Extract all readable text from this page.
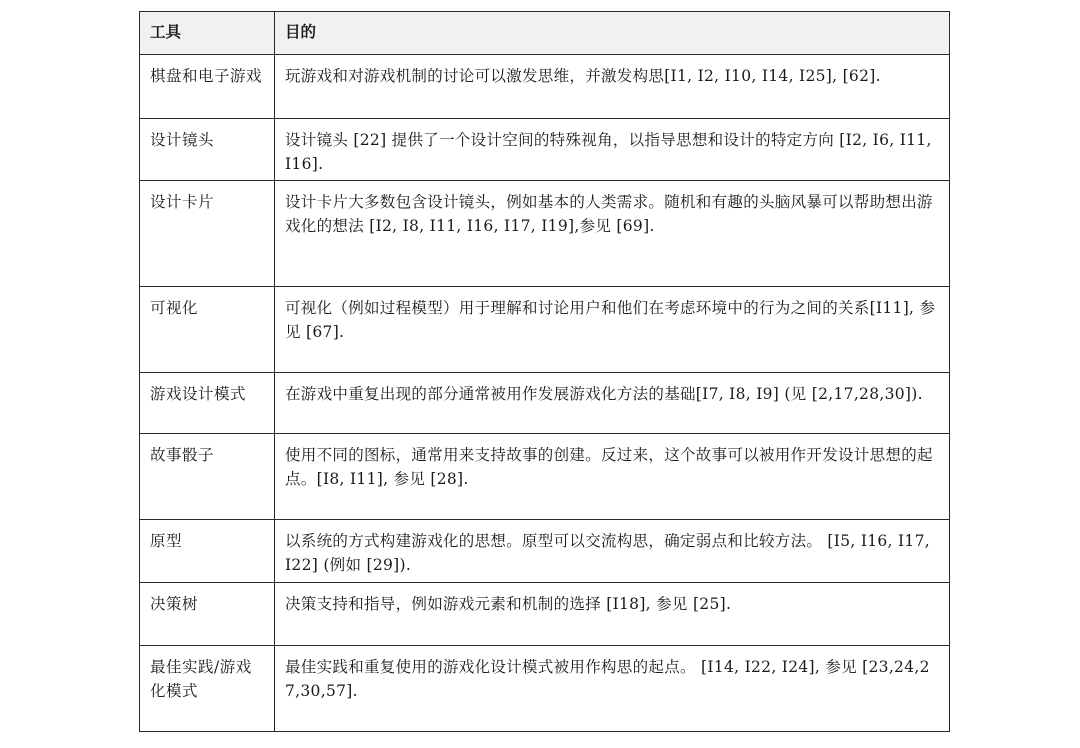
工具	目的
棋盘和电子游戏	玩游戏和对游戏机制的讨论可以激发思维，并激发构思[I1, I2, I10, I14, I25], [62].
设计镜头	设计镜头 [22] 提供了一个设计空间的特殊视角，以指导思想和设计的特定方向 [I2, I6, I11, I16].
设计卡片	设计卡片大多数包含设计镜头，例如基本的人类需求。随机和有趣的头脑风暴可以帮助想出游戏化的想法 [I2, I8, I11, I16, I17, I19],参见 [69].
可视化	可视化（例如过程模型）用于理解和讨论用户和他们在考虑环境中的行为之间的关系[I11], 参见 [67].
游戏设计模式	在游戏中重复出现的部分通常被用作发展游戏化方法的基础[I7, I8, I9] (见 [2,17,28,30]).
故事骰子	使用不同的图标，通常用来支持故事的创建。反过来，这个故事可以被用作开发设计思想的起点。[I8, I11], 参见 [28].
原型	以系统的方式构建游戏化的思想。原型可以交流构思，确定弱点和比较方法。 [I5, I16, I17, I22] (例如 [29]).
决策树	决策支持和指导，例如游戏元素和机制的选择 [I18], 参见 [25].
最佳实践/游戏化模式	最佳实践和重复使用的游戏化设计模式被用作构思的起点。 [I14, I22, I24], 参见 [23,24,27,30,57].
